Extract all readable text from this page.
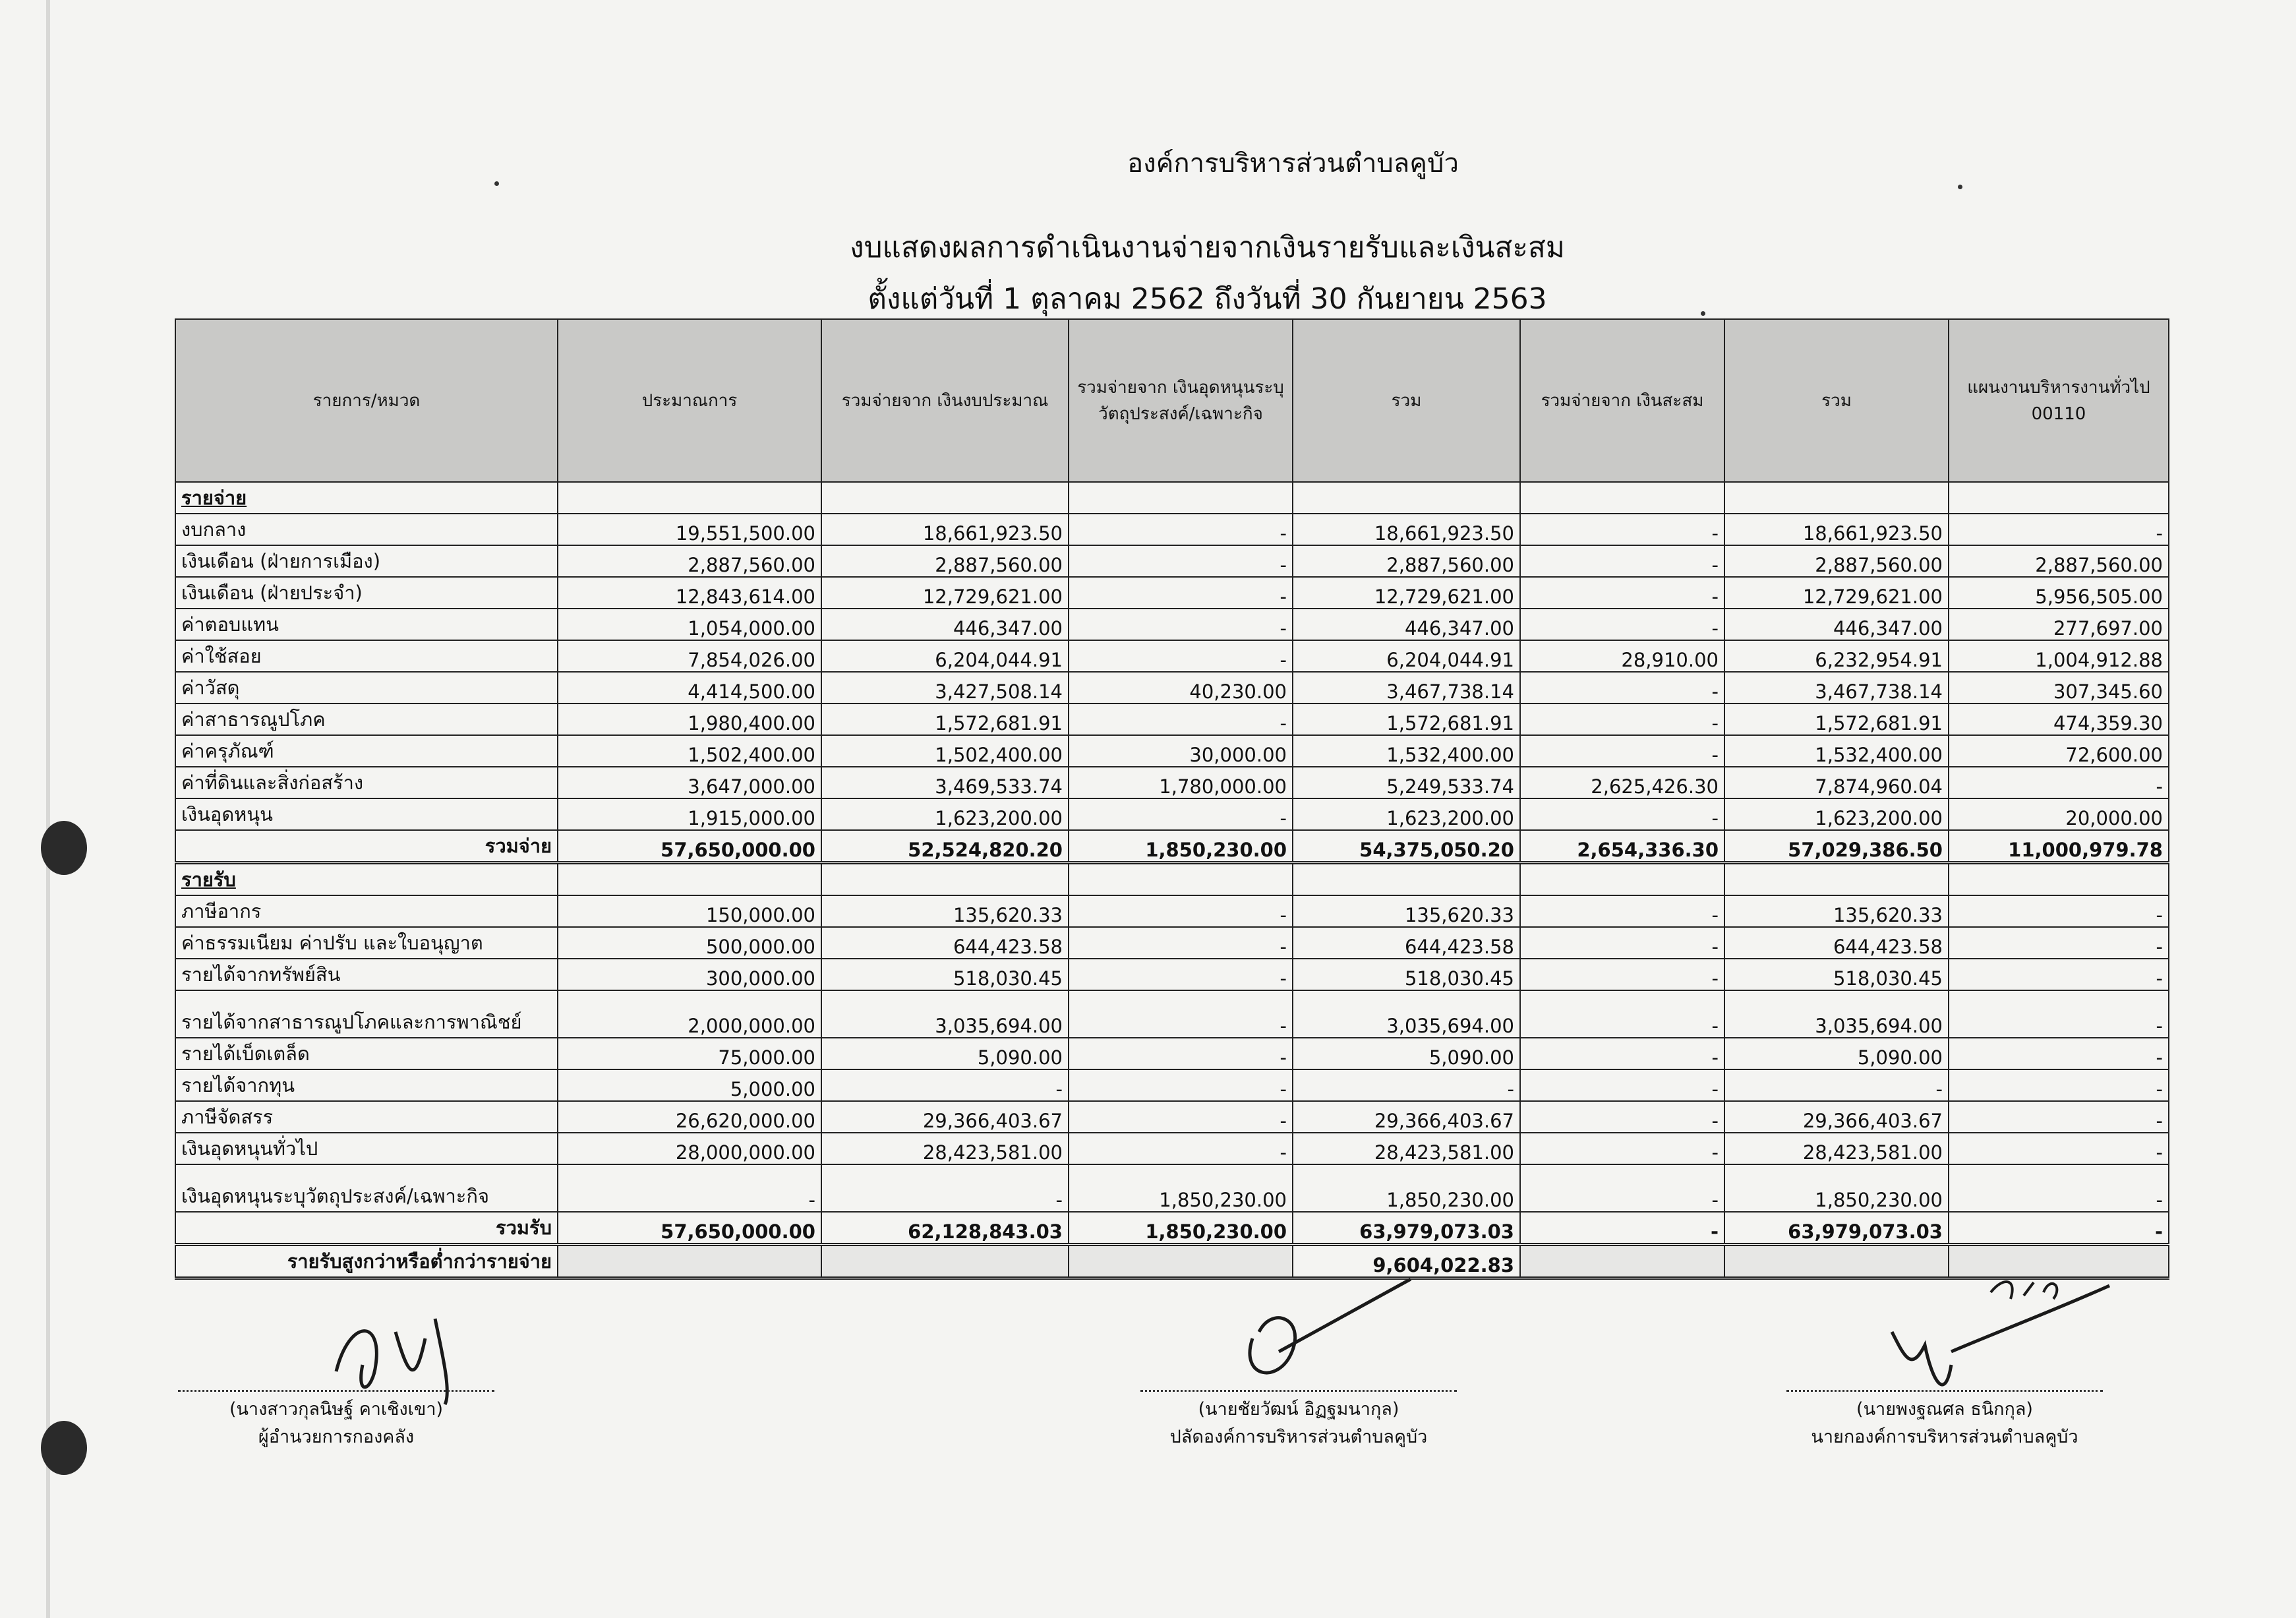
องค์การบริหารส่วนตำบลคูบัว
งบแสดงผลการดำเนินงานจ่ายจากเงินรายรับและเงินสะสม
ตั้งแต่วันที่ 1 ตุลาคม 2562 ถึงวันที่ 30 กันยายน 2563
รายการ/หมวด	ประมาณการ	รวมจ่ายจาก เงินงบประมาณ	รวมจ่ายจาก เงินอุดหนุนระบุ วัตถุประสงค์/เฉพาะกิจ	รวม	รวมจ่ายจาก เงินสะสม	รวม	แผนงานบริหารงานทั่วไป 00110
รายจ่าย							
งบกลาง	19,551,500.00	18,661,923.50	-	18,661,923.50	-	18,661,923.50	-
เงินเดือน (ฝ่ายการเมือง)	2,887,560.00	2,887,560.00	-	2,887,560.00	-	2,887,560.00	2,887,560.00
เงินเดือน (ฝ่ายประจำ)	12,843,614.00	12,729,621.00	-	12,729,621.00	-	12,729,621.00	5,956,505.00
ค่าตอบแทน	1,054,000.00	446,347.00	-	446,347.00	-	446,347.00	277,697.00
ค่าใช้สอย	7,854,026.00	6,204,044.91	-	6,204,044.91	28,910.00	6,232,954.91	1,004,912.88
ค่าวัสดุ	4,414,500.00	3,427,508.14	40,230.00	3,467,738.14	-	3,467,738.14	307,345.60
ค่าสาธารณูปโภค	1,980,400.00	1,572,681.91	-	1,572,681.91	-	1,572,681.91	474,359.30
ค่าครุภัณฑ์	1,502,400.00	1,502,400.00	30,000.00	1,532,400.00	-	1,532,400.00	72,600.00
ค่าที่ดินและสิ่งก่อสร้าง	3,647,000.00	3,469,533.74	1,780,000.00	5,249,533.74	2,625,426.30	7,874,960.04	-
เงินอุดหนุน	1,915,000.00	1,623,200.00	-	1,623,200.00	-	1,623,200.00	20,000.00
รวมจ่าย	57,650,000.00	52,524,820.20	1,850,230.00	54,375,050.20	2,654,336.30	57,029,386.50	11,000,979.78
รายรับ							
ภาษีอากร	150,000.00	135,620.33	-	135,620.33	-	135,620.33	-
ค่าธรรมเนียม ค่าปรับ และใบอนุญาต	500,000.00	644,423.58	-	644,423.58	-	644,423.58	-
รายได้จากทรัพย์สิน	300,000.00	518,030.45	-	518,030.45	-	518,030.45	-
รายได้จากสาธารณูปโภคและการพาณิชย์	2,000,000.00	3,035,694.00	-	3,035,694.00	-	3,035,694.00	-
รายได้เบ็ดเตล็ด	75,000.00	5,090.00	-	5,090.00	-	5,090.00	-
รายได้จากทุน	5,000.00	-	-	-	-	-	-
ภาษีจัดสรร	26,620,000.00	29,366,403.67	-	29,366,403.67	-	29,366,403.67	-
เงินอุดหนุนทั่วไป	28,000,000.00	28,423,581.00	-	28,423,581.00	-	28,423,581.00	-
เงินอุดหนุนระบุวัตถุประสงค์/เฉพาะกิจ	-	-	1,850,230.00	1,850,230.00	-	1,850,230.00	-
รวมรับ	57,650,000.00	62,128,843.03	1,850,230.00	63,979,073.03	-	63,979,073.03	-
รายรับสูงกว่าหรือต่ำกว่ารายจ่าย				9,604,022.83			
(นางสาวกุลนิษฐ์ คาเชิงเขา)
ผู้อำนวยการกองคลัง
(นายชัยวัฒน์ อิฏฐมนากุล)
ปลัดองค์การบริหารส่วนตำบลคูบัว
(นายพงฐณศล ธนิกกุล)
นายกองค์การบริหารส่วนตำบลคูบัว
